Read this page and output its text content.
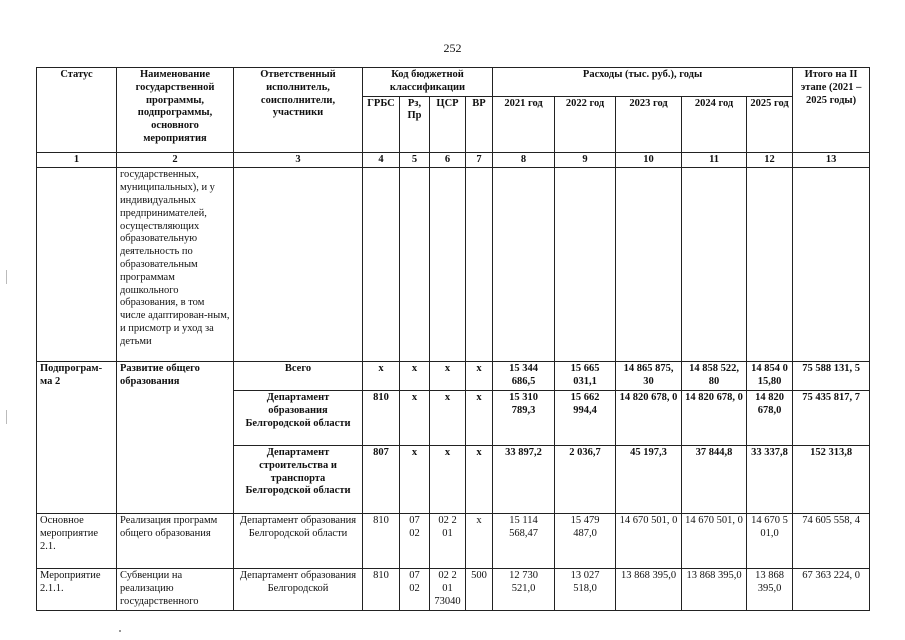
252
Статус	Наименование государственной программы, подпрограммы, основного мероприятия	Ответственный исполнитель, соисполнители, участники	Код бюджетной классификации				Расходы (тыс. руб.), годы					Итого на II этапе (2021 – 2025 годы)
			ГРБС	Рз, Пр	ЦСР	ВР	2021 год	2022 год	2023 год	2024 год	2025 год	
1	2	3	4	5	6	7	8	9	10	11	12	13
	государственных, муниципальных), и у индивидуальных предпринимателей, осуществляющих образовательную деятельность по образовательным программам дошкольного образования, в том числе адаптирован-ным, и присмотр и уход за детьми											
Подпрограм-ма 2	Развитие общего образования	Всего	х	х	х	х	15 344 686,5	15 665 031,1	14 865 875, 30	14 858 522, 80	14 854 0 15,80	75 588 131, 5
		Департамент образования Белгородской области	810	х	х	х	15 310 789,3	15 662 994,4	14 820 678, 0	14 820 678, 0	14 820 678,0	75 435 817, 7
		Департамент строительства и транспорта Белгородской области	807	х	х	х	33 897,2	2 036,7	45 197,3	37 844,8	33 337,8	152 313,8
Основное мероприятие 2.1.	Реализация программ общего образования	Департамент образования Белгородской области	810	07 02	02 2 01	х	15 114 568,47	15 479 487,0	14 670 501, 0	14 670 501, 0	14 670 5 01,0	74 605 558, 4
Мероприятие 2.1.1.	Субвенции на реализацию государственного	Департамент образования Белгородской	810	07 02	02 2 01 73040	500	12 730 521,0	13 027 518,0	13 868 395,0	13 868 395,0	13 868 395,0	67 363 224, 0
